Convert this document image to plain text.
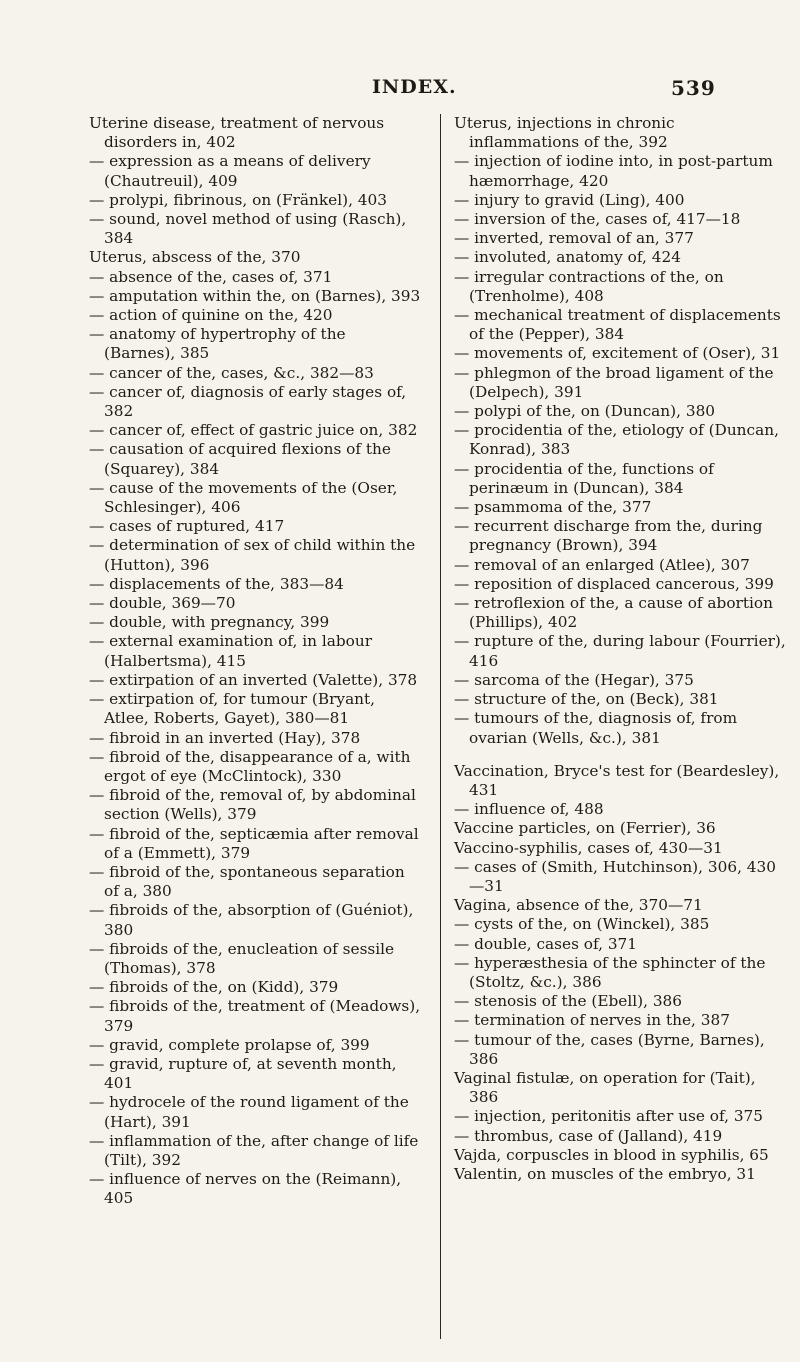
INDEX.	539

Uterine disease, treatment of nervous disorders in, 402

— expression as a means of delivery (Chautreuil), 409

— prolypi, fibrinous, on (Fränkel), 403

— sound, novel method of using (Rasch), 384

Uterus, abscess of the, 370

— absence of the, cases of, 371

— amputation within the, on (Barnes), 393

— action of quinine on the, 420

— anatomy of hypertrophy of the (Barnes), 385

— cancer of the, cases, &c., 382—83

— cancer of, diagnosis of early stages of, 382

— cancer of, effect of gastric juice on, 382

— causation of acquired flexions of the (Squarey), 384

— cause of the movements of the (Oser, Schlesinger), 406

— cases of ruptured, 417

— determination of sex of child within the (Hutton), 396

— displacements of the, 383—84

— double, 369—70

— double, with pregnancy, 399

— external examination of, in labour (Halbertsma), 415

— extirpation of an inverted (Valette), 378

— extirpation of, for tumour (Bryant, Atlee, Roberts, Gayet), 380—81

— fibroid in an inverted (Hay), 378

— fibroid of the, disappearance of a, with ergot of eye (McClintock), 330

— fibroid of the, removal of, by abdominal section (Wells), 379

— fibroid of the, septicæmia after removal of a (Emmett), 379

— fibroid of the, spontaneous separation of a, 380

— fibroids of the, absorption of (Guéniot), 380

— fibroids of the, enucleation of sessile (Thomas), 378

— fibroids of the, on (Kidd), 379

— fibroids of the, treatment of (Meadows), 379

— gravid, complete prolapse of, 399

— gravid, rupture of, at seventh month, 401

— hydrocele of the round ligament of the (Hart), 391

— inflammation of the, after change of life (Tilt), 392

— influence of nerves on the (Reimann), 405

Uterus, injections in chronic inflammations of the, 392

— injection of iodine into, in post-partum hæmorrhage, 420

— injury to gravid (Ling), 400

— inversion of the, cases of, 417—18

— inverted, removal of an, 377

— involuted, anatomy of, 424

— irregular contractions of the, on (Trenholme), 408

— mechanical treatment of displacements of the (Pepper), 384

— movements of, excitement of (Oser), 31

— phlegmon of the broad ligament of the (Delpech), 391

— polypi of the, on (Duncan), 380

— procidentia of the, etiology of (Duncan, Konrad), 383

— procidentia of the, functions of perinæum in (Duncan), 384

— psammoma of the, 377

— recurrent discharge from the, during pregnancy (Brown), 394

— removal of an enlarged (Atlee), 307

— reposition of displaced cancerous, 399

— retroflexion of the, a cause of abortion (Phillips), 402

— rupture of the, during labour (Fourrier), 416

— sarcoma of the (Hegar), 375

— structure of the, on (Beck), 381

— tumours of the, diagnosis of, from ovarian (Wells, &c.), 381

Vaccination, Bryce's test for (Beardesley), 431

— influence of, 488

Vaccine particles, on (Ferrier), 36

Vaccino-syphilis, cases of, 430—31

— cases of (Smith, Hutchinson), 306, 430—31

Vagina, absence of the, 370—71

— cysts of the, on (Winckel), 385

— double, cases of, 371

— hyperæsthesia of the sphincter of the (Stoltz, &c.), 386

— stenosis of the (Ebell), 386

— termination of nerves in the, 387

— tumour of the, cases (Byrne, Barnes), 386

Vaginal fistulæ, on operation for (Tait), 386

— injection, peritonitis after use of, 375

— thrombus, case of (Jalland), 419

Vajda, corpuscles in blood in syphilis, 65

Valentin, on muscles of the embryo, 31
